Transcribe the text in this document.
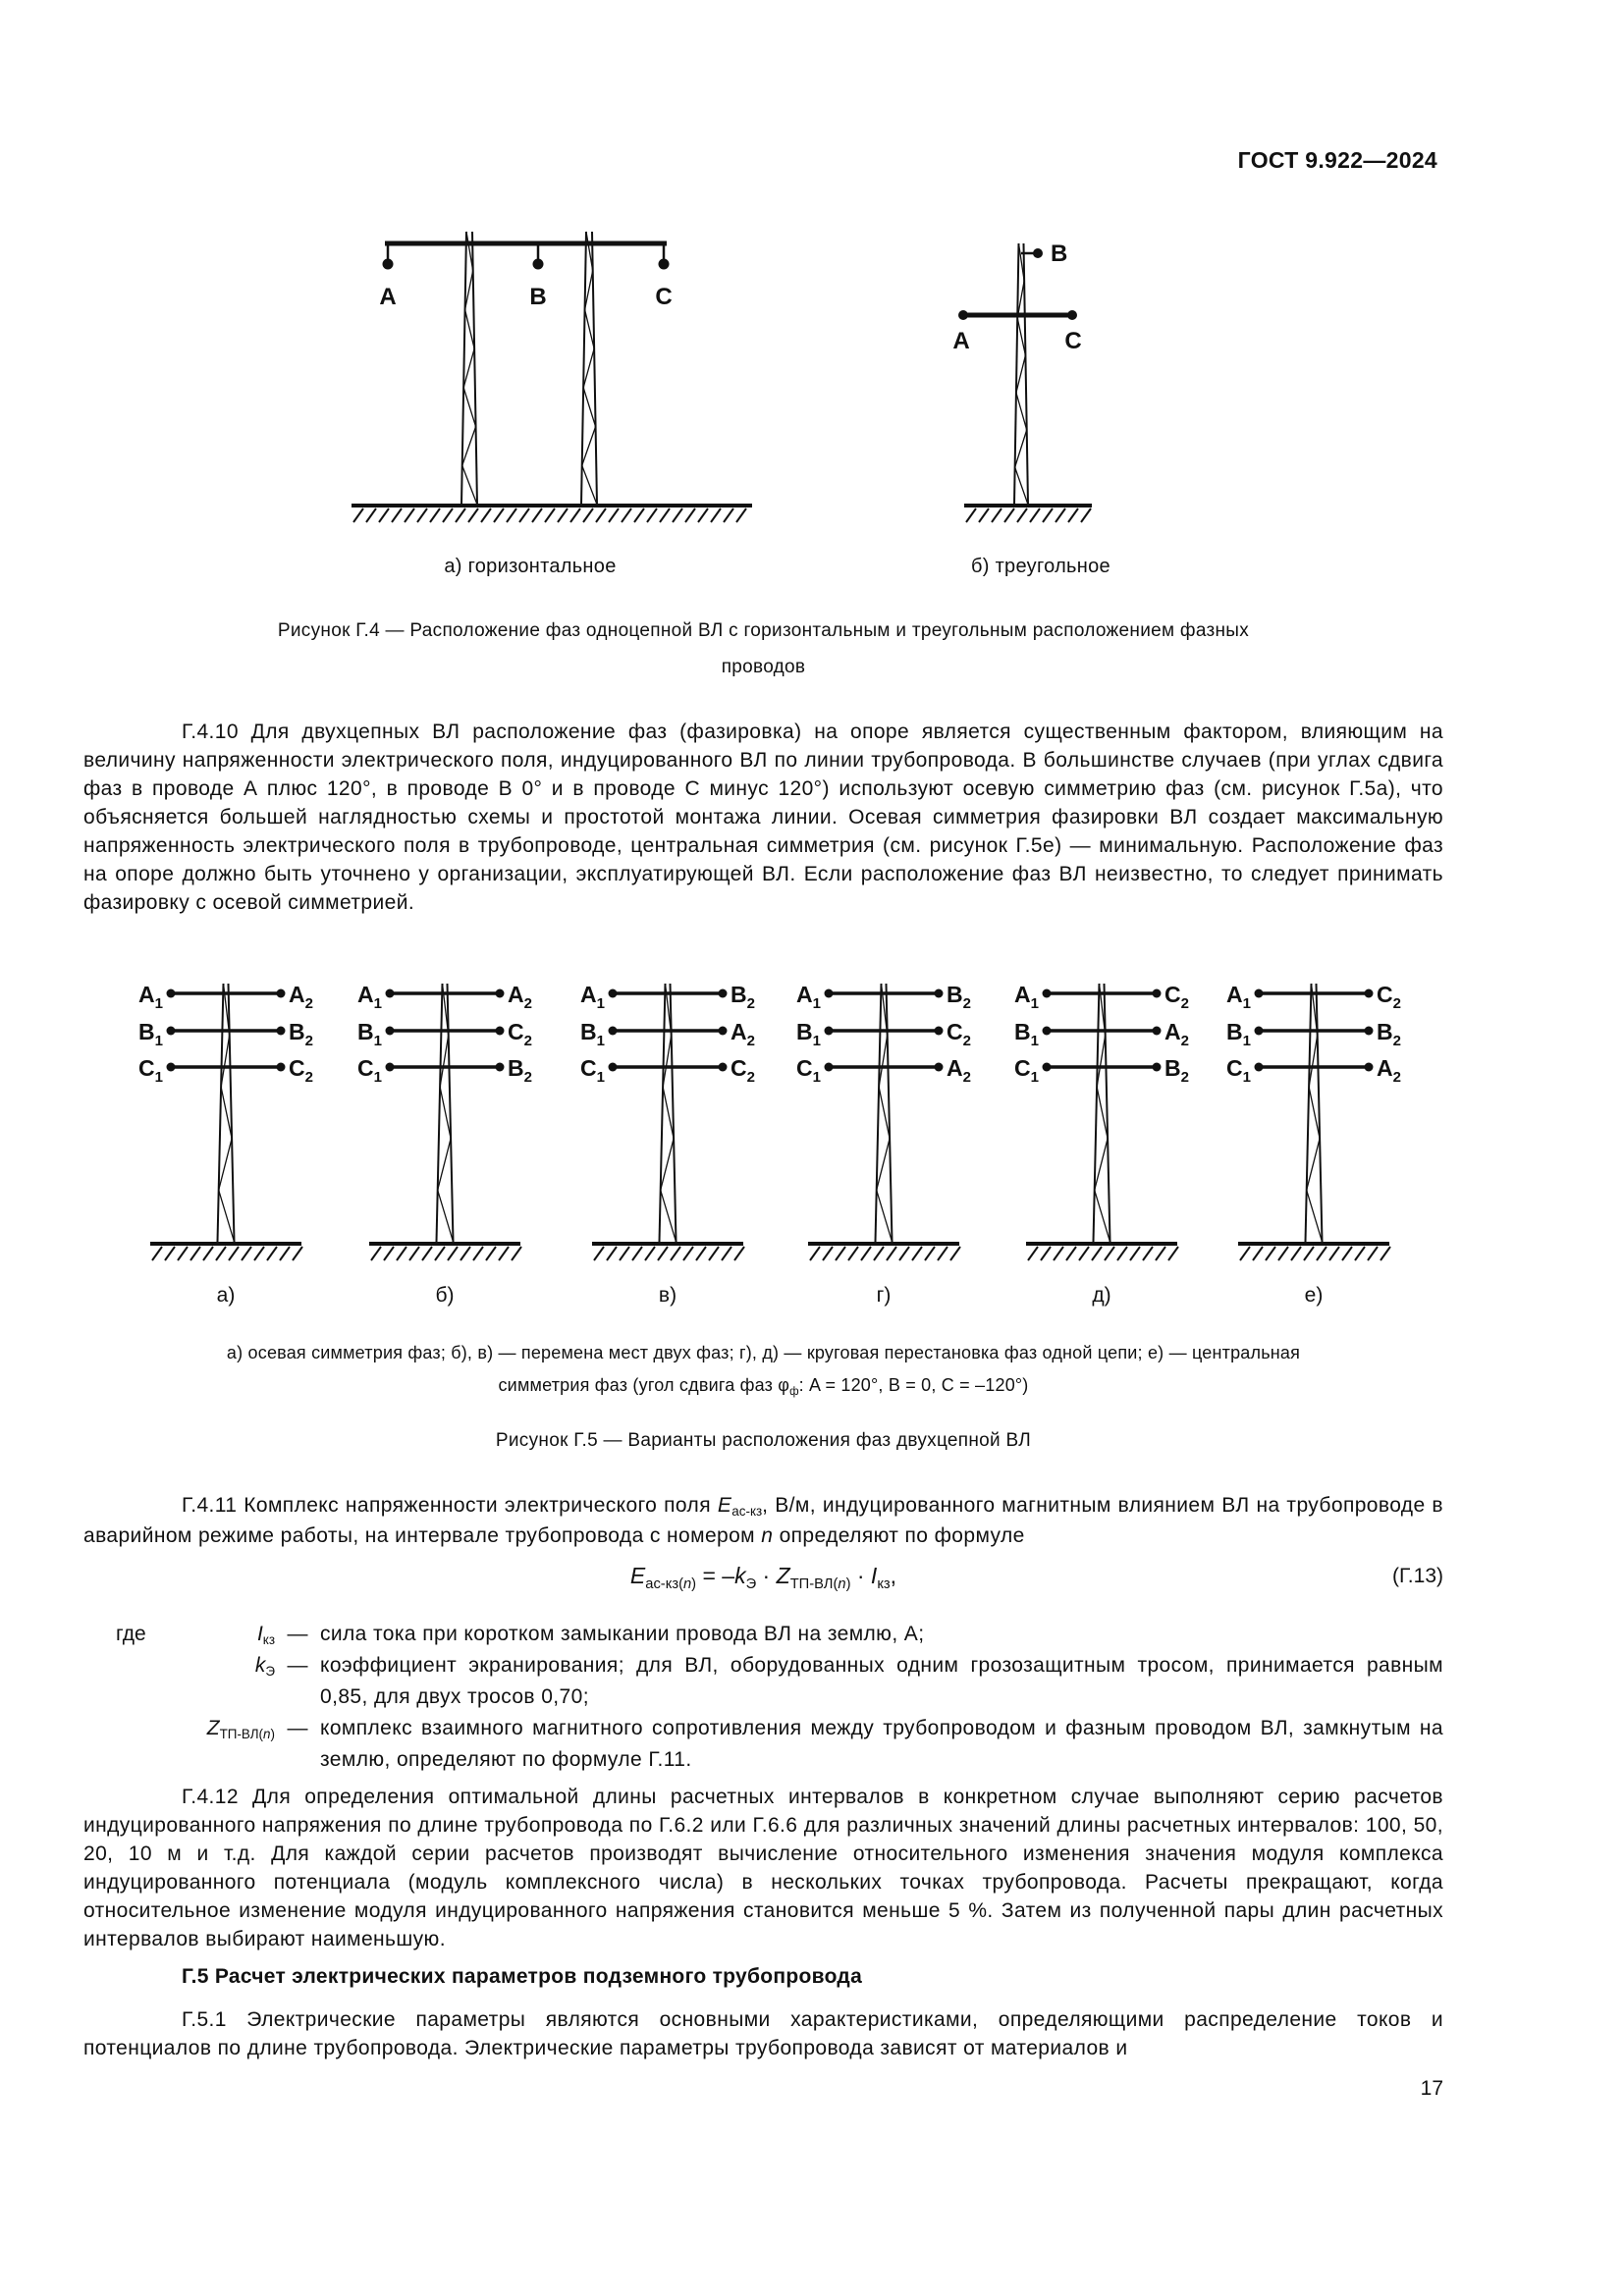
ГОСТ 9.922—2024
A	B	C
B
A	C
а) горизонтальное	б) треугольное
Рисунок Г.4 — Расположение фаз одноцепной ВЛ с горизонтальным и треугольным расположением фазных
проводов
Г.4.10 Для двухцепных ВЛ расположение фаз (фазировка) на опоре является существенным фактором, влияющим на величину напряженности электрического поля, индуцированного ВЛ по линии трубопровода. В большинстве случаев (при углах сдвига фаз в проводе А плюс 120°, в проводе В 0° и в проводе С минус 120°) используют осевую симметрию фаз (см. рисунок Г.5а), что объясняется большей наглядностью схемы и простотой монтажа линии. Осевая симметрия фазировки ВЛ создает максимальную напряженность электрического поля в трубопроводе, центральная симметрия (см. рисунок Г.5е) — минимальную. Расположение фаз на опоре должно быть уточнено у организации, эксплуатирующей ВЛ. Если расположение фаз ВЛ неизвестно, то следует принимать фазировку с осевой симметрией.
$A_1$	$A_2$
$B_1$	$B_2$
$C_1$	$C_2$
а)
$A_1$	$A_2$
$B_1$	$C_2$
$C_1$	$B_2$
б)
$A_1$	$B_2$
$B_1$	$A_2$
$C_1$	$C_2$
в)
$A_1$	$B_2$
$B_1$	$C_2$
$C_1$	$A_2$
г)
$A_1$	$C_2$
$B_1$	$A_2$
$C_1$	$B_2$
д)
$A_1$	$C_2$
$B_1$	$B_2$
$C_1$	$A_2$
е)
а) осевая симметрия фаз; б), в) — перемена мест двух фаз; г), д) — круговая перестановка фаз одной цепи; е) — центральная
симметрия фаз (угол сдвига фаз $\varphi_ф$: A = 120°, B = 0, C = –120°)
Рисунок Г.5 — Варианты расположения фаз двухцепной ВЛ
Г.4.11 Комплекс напряженности электрического поля $E_{ас-кз}$, В/м, индуцированного магнитным влиянием ВЛ на трубопроводе в аварийном режиме работы, на интервале трубопровода с номером n определяют по формуле
$E_{ас-кз(n)} = -k_Э \cdot Z_{ТП-ВЛ(n)} \cdot I_{кз}$,	(Г.13)
где	$I_{кз}$ — сила тока при коротком замыкании провода ВЛ на землю, А;
$k_Э$ — коэффициент экранирования; для ВЛ, оборудованных одним грозозащитным тросом, принимается равным 0,85, для двух тросов 0,70;
$Z_{ТП-ВЛ(n)}$ — комплекс взаимного магнитного сопротивления между трубопроводом и фазным проводом ВЛ, замкнутым на землю, определяют по формуле Г.11.
Г.4.12 Для определения оптимальной длины расчетных интервалов в конкретном случае выполняют серию расчетов индуцированного напряжения по длине трубопровода по Г.6.2 или Г.6.6 для различных значений длины расчетных интервалов: 100, 50, 20, 10 м и т.д. Для каждой серии расчетов производят вычисление относительного изменения значения модуля комплекса индуцированного потенциала (модуль комплексного числа) в нескольких точках трубопровода. Расчеты прекращают, когда относительное изменение модуля индуцированного напряжения становится меньше 5 %. Затем из полученной пары длин расчетных интервалов выбирают наименьшую.
Г.5 Расчет электрических параметров подземного трубопровода
Г.5.1 Электрические параметры являются основными характеристиками, определяющими распределение токов и потенциалов по длине трубопровода. Электрические параметры трубопровода зависят от материалов и
17
